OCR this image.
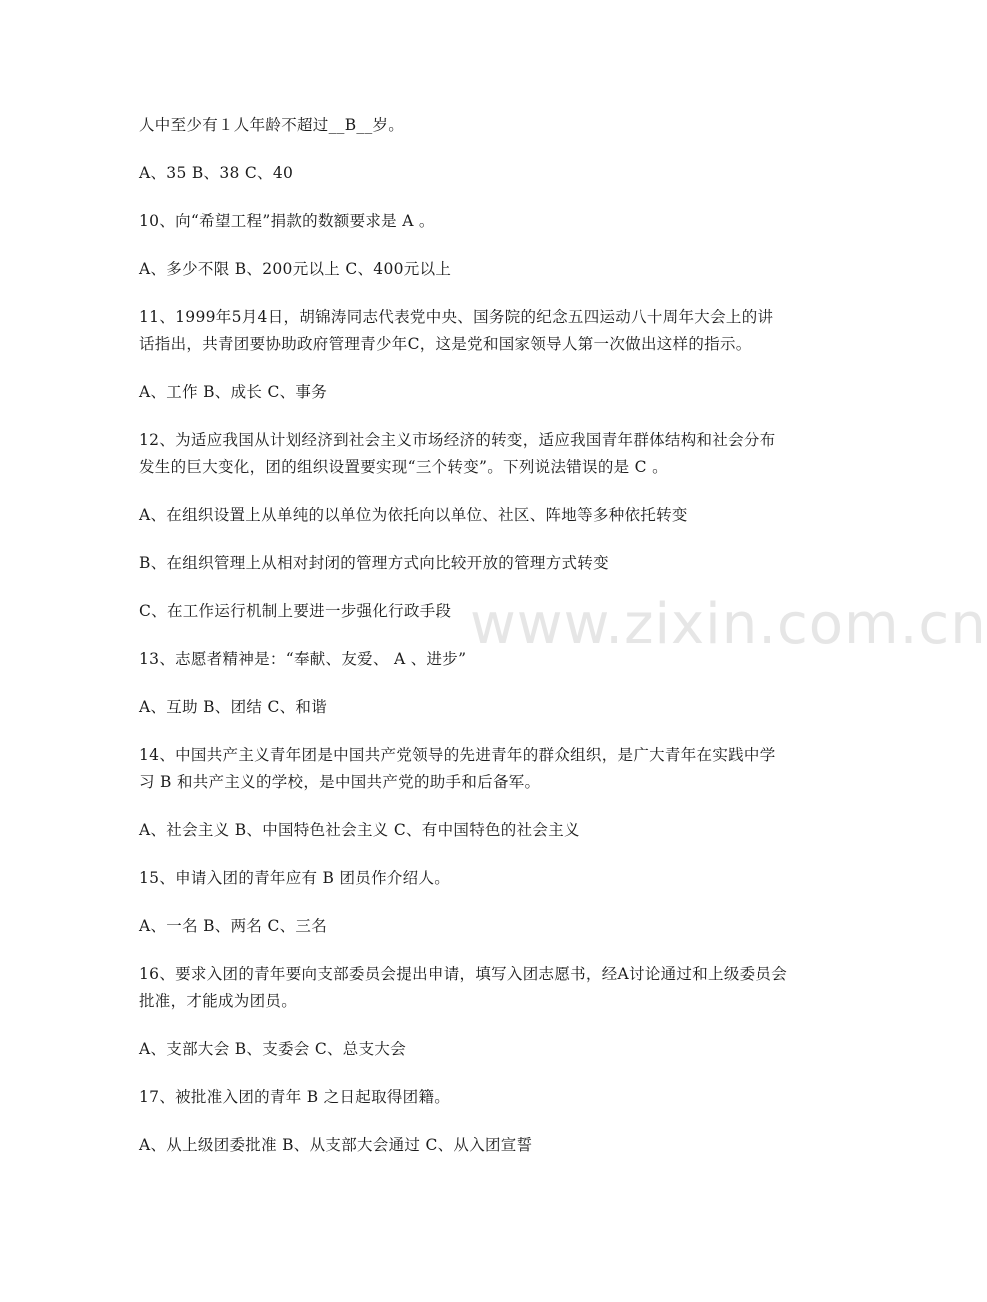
人中至少有１人年龄不超过__B__岁。

A、35 B、38 C、40

10、向“希望工程”捐款的数额要求是 A 。

A、多少不限 B、200元以上 C、400元以上

11、1999年5月4日，胡锦涛同志代表党中央、国务院的纪念五四运动八十周年大会上的讲话指出，共青团要协助政府管理青少年C，这是党和国家领导人第一次做出这样的指示。

A、工作 B、成长 C、事务

12、为适应我国从计划经济到社会主义市场经济的转变，适应我国青年群体结构和社会分布发生的巨大变化，团的组织设置要实现“三个转变”。下列说法错误的是 C 。

A、在组织设置上从单纯的以单位为依托向以单位、社区、阵地等多种依托转变

B、在组织管理上从相对封闭的管理方式向比较开放的管理方式转变

C、在工作运行机制上要进一步强化行政手段

13、志愿者精神是：“奉献、友爱、 A 、进步”

A、互助 B、团结 C、和谐

14、中国共产主义青年团是中国共产党领导的先进青年的群众组织，是广大青年在实践中学习 B 和共产主义的学校，是中国共产党的助手和后备军。

A、社会主义 B、中国特色社会主义 C、有中国特色的社会主义

15、申请入团的青年应有 B 团员作介绍人。

A、一名 B、两名 C、三名

16、要求入团的青年要向支部委员会提出申请，填写入团志愿书，经A讨论通过和上级委员会批准，才能成为团员。

A、支部大会 B、支委会 C、总支大会

17、被批准入团的青年 B 之日起取得团籍。

A、从上级团委批准 B、从支部大会通过 C、从入团宣誓

www.zixin.com.cn
